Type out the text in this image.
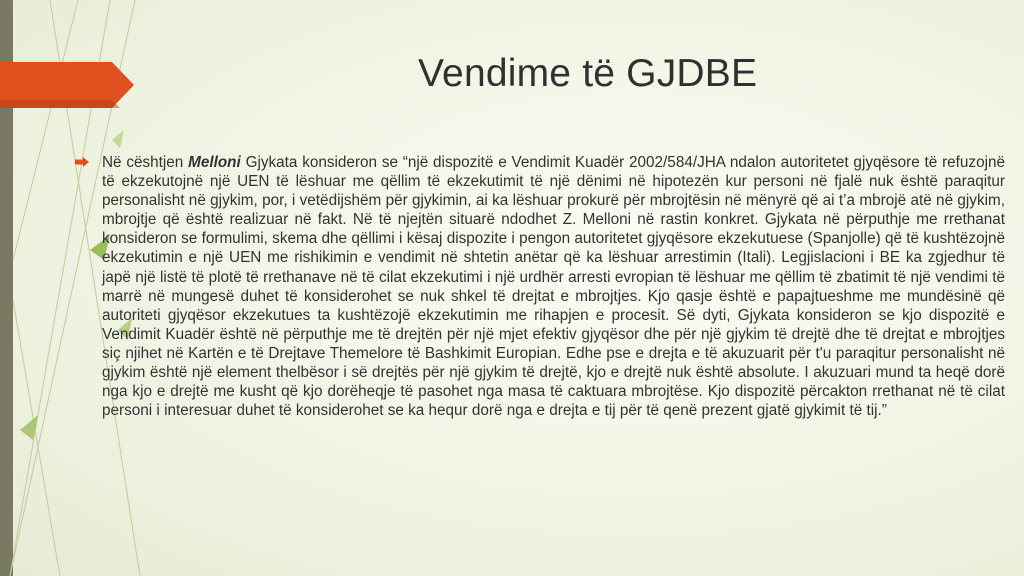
Vendime të GJDBE

Në cështjen Melloni Gjykata konsideron se “një dispozitë e Vendimit Kuadër 2002/584/JHA ndalon autoritetet gjyqësore të refuzojnë të ekzekutojnë një UEN të lëshuar me qëllim të ekzekutimit të një dënimi në hipotezën kur personi në fjalë nuk është paraqitur personalisht në gjykim, por, i vetëdijshëm për gjykimin, ai ka lëshuar prokurë për mbrojtësin në mënyrë që ai t’a mbrojë atë në gjykim, mbrojtje që është realizuar në fakt. Në të njejtën situarë ndodhet Z. Melloni në rastin konkret. Gjykata në përputhje me rrethanat konsideron se formulimi, skema dhe qëllimi i kësaj dispozite i pengon autoritetet gjyqësore ekzekutuese (Spanjolle) që të kushtëzojnë ekzekutimin e një UEN me rishikimin e vendimit në shtetin anëtar që ka lëshuar arrestimin (Itali). Legjislacioni i BE ka zgjedhur të japë një listë të plotë të rrethanave në të cilat ekzekutimi i një urdhër arresti evropian të lëshuar me qëllim të zbatimit të një vendimi të marrë në mungesë duhet të konsiderohet se nuk shkel të drejtat e mbrojtjes. Kjo qasje është e papajtueshme me mundësinë që autoriteti gjyqësor ekzekutues ta kushtëzojë ekzekutimin me rihapjen e procesit. Së dyti, Gjykata konsideron se kjo dispozitë e Vendimit Kuadër është në përputhje me të drejtën për një mjet efektiv gjyqësor dhe për një gjykim të drejtë dhe të drejtat e mbrojtjes siç njihet në Kartën e të Drejtave Themelore të Bashkimit Europian. Edhe pse e drejta e të akuzuarit për t'u paraqitur personalisht në gjykim është një element thelbësor i së drejtës për një gjykim të drejtë, kjo e drejtë nuk është absolute. I akuzuari mund ta heqë dorë nga kjo e drejtë me kusht që kjo dorëheqje të pasohet nga masa të caktuara mbrojtëse. Kjo dispozitë përcakton rrethanat në të cilat personi i interesuar duhet të konsiderohet se ka hequr dorë nga e drejta e tij për të qenë prezent gjatë gjykimit të tij.”
